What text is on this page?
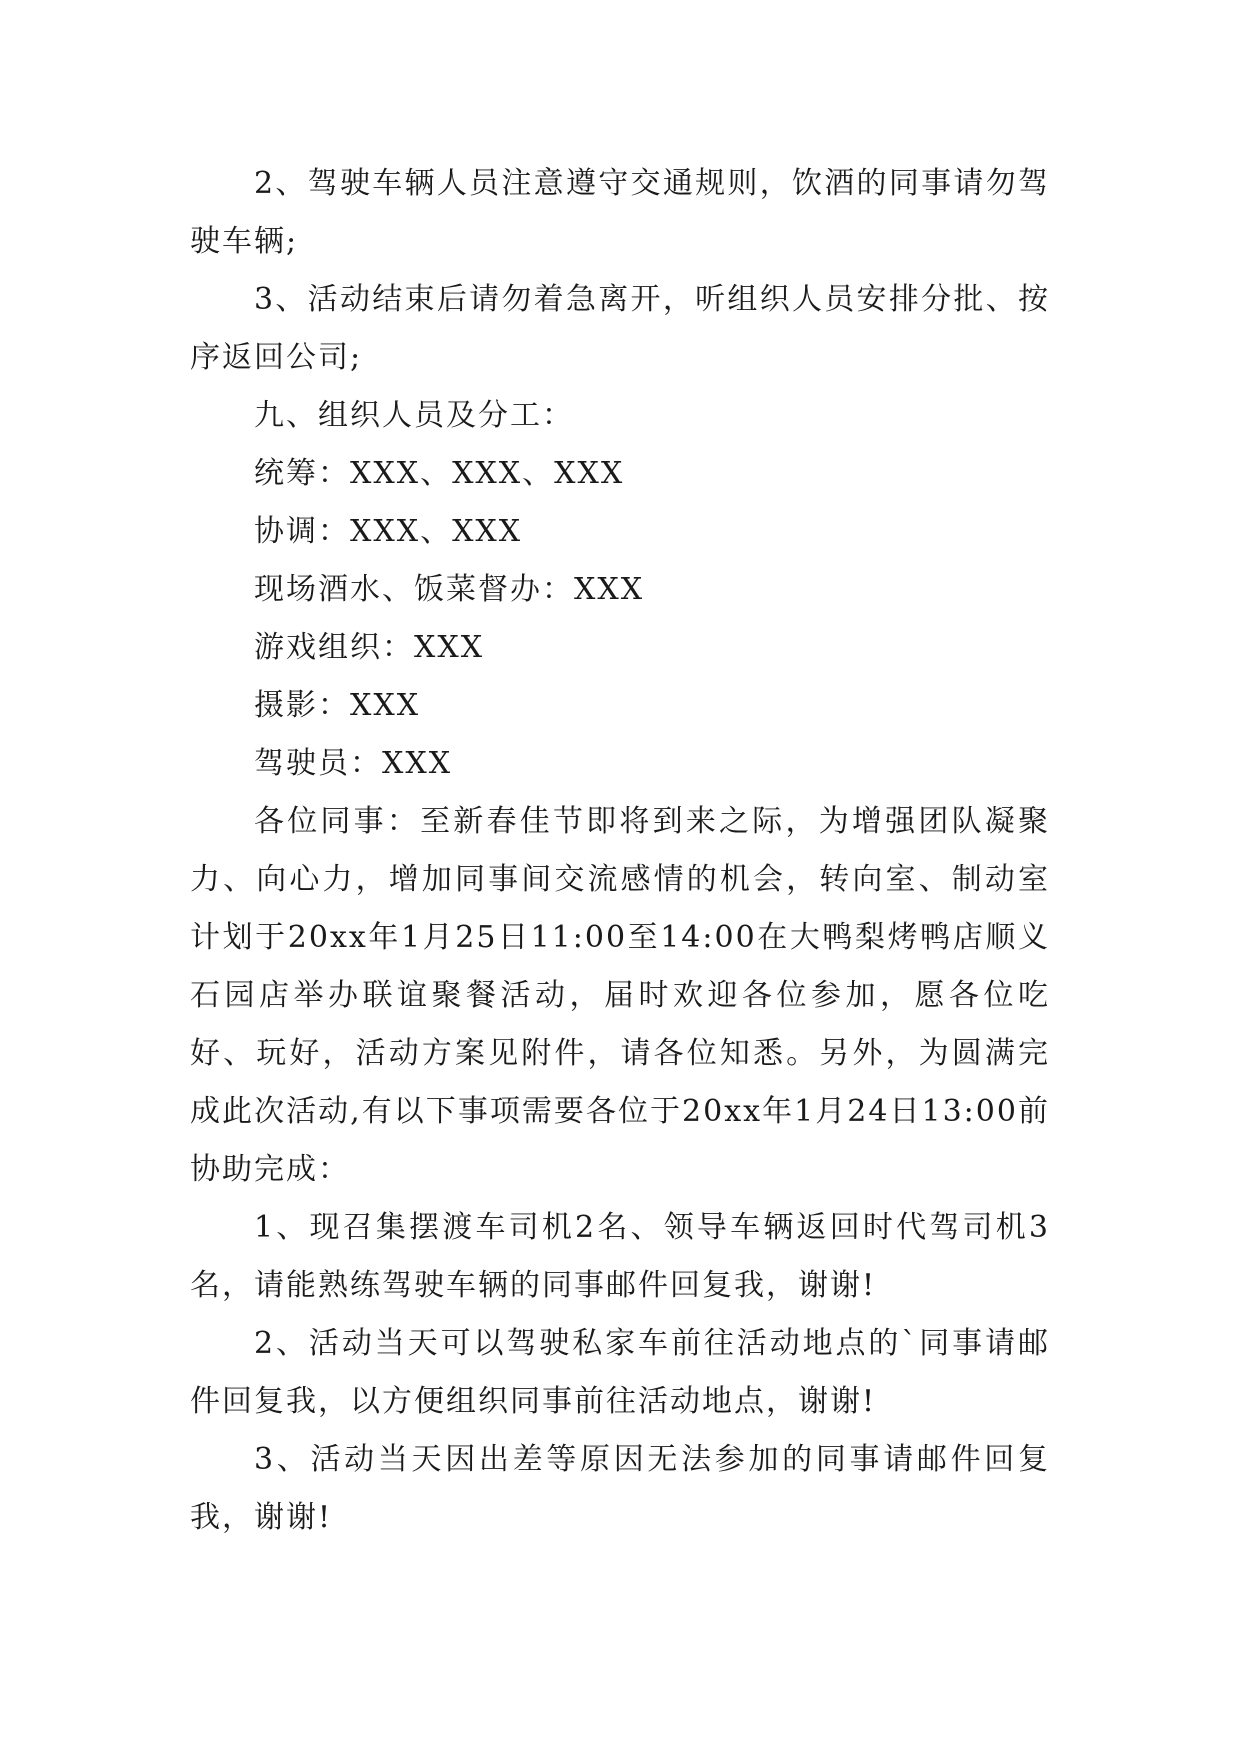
2、驾驶车辆人员注意遵守交通规则，饮酒的同事请勿驾驶车辆;

3、活动结束后请勿着急离开，听组织人员安排分批、按序返回公司;

九、组织人员及分工：

统筹：XXX、XXX、XXX

协调：XXX、XXX

现场酒水、饭菜督办：XXX

游戏组织：XXX

摄影：XXX

驾驶员：XXX

各位同事：至新春佳节即将到来之际，为增强团队凝聚力、向心力，增加同事间交流感情的机会，转向室、制动室计划于20xx年1月25日11:00至14:00在大鸭梨烤鸭店顺义石园店举办联谊聚餐活动，届时欢迎各位参加，愿各位吃好、玩好，活动方案见附件，请各位知悉。另外，为圆满完成此次活动,有以下事项需要各位于20xx年1月24日13:00前协助完成：

1、现召集摆渡车司机2名、领导车辆返回时代驾司机3名，请能熟练驾驶车辆的同事邮件回复我，谢谢!

2、活动当天可以驾驶私家车前往活动地点的`同事请邮件回复我，以方便组织同事前往活动地点，谢谢!

3、活动当天因出差等原因无法参加的同事请邮件回复我，谢谢!
